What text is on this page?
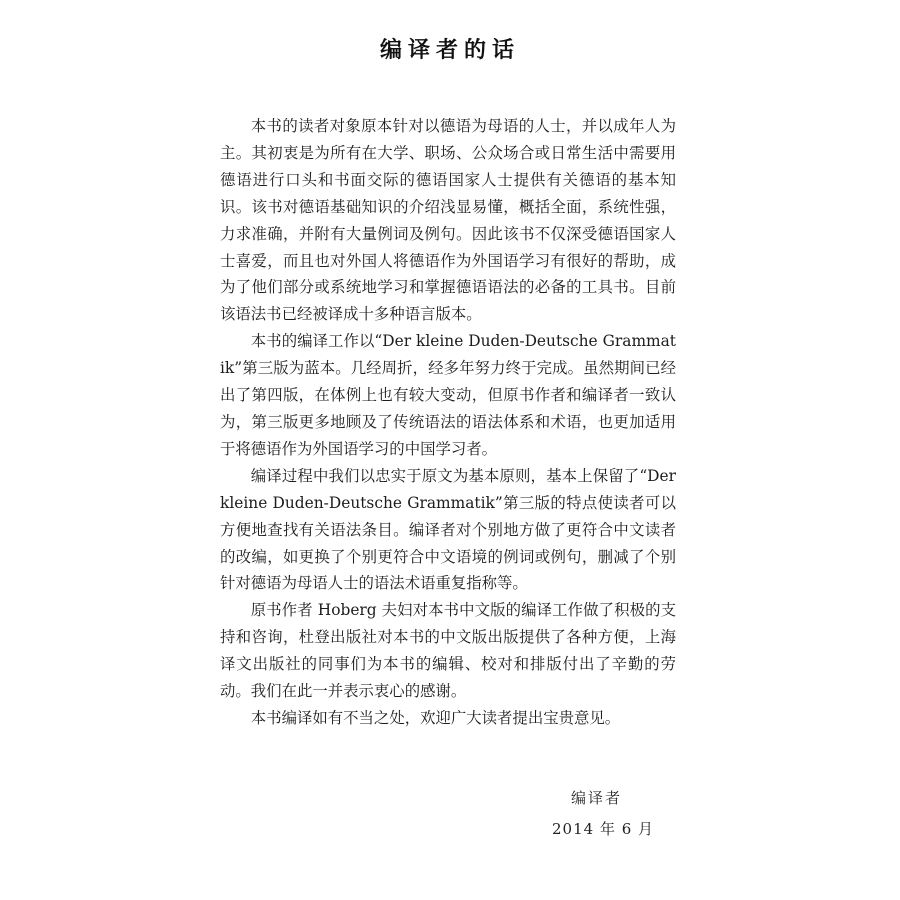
编译者的话

本书的读者对象原本针对以德语为母语的人士，并以成年人为主。其初衷是为所有在大学、职场、公众场合或日常生活中需要用德语进行口头和书面交际的德语国家人士提供有关德语的基本知识。该书对德语基础知识的介绍浅显易懂，概括全面，系统性强，力求准确，并附有大量例词及例句。因此该书不仅深受德语国家人士喜爱，而且也对外国人将德语作为外国语学习有很好的帮助，成为了他们部分或系统地学习和掌握德语语法的必备的工具书。目前该语法书已经被译成十多种语言版本。

本书的编译工作以“Der kleine Duden-Deutsche Grammatik”第三版为蓝本。几经周折，经多年努力终于完成。虽然期间已经出了第四版，在体例上也有较大变动，但原书作者和编译者一致认为，第三版更多地顾及了传统语法的语法体系和术语，也更加适用于将德语作为外国语学习的中国学习者。

编译过程中我们以忠实于原文为基本原则，基本上保留了“Der kleine Duden-Deutsche Grammatik”第三版的特点使读者可以方便地查找有关语法条目。编译者对个别地方做了更符合中文读者的改编，如更换了个别更符合中文语境的例词或例句，删减了个别针对德语为母语人士的语法术语重复指称等。

原书作者 Hoberg 夫妇对本书中文版的编译工作做了积极的支持和咨询，杜登出版社对本书的中文版出版提供了各种方便，上海译文出版社的同事们为本书的编辑、校对和排版付出了辛勤的劳动。我们在此一并表示衷心的感谢。

本书编译如有不当之处，欢迎广大读者提出宝贵意见。

编译者
2014 年 6 月
